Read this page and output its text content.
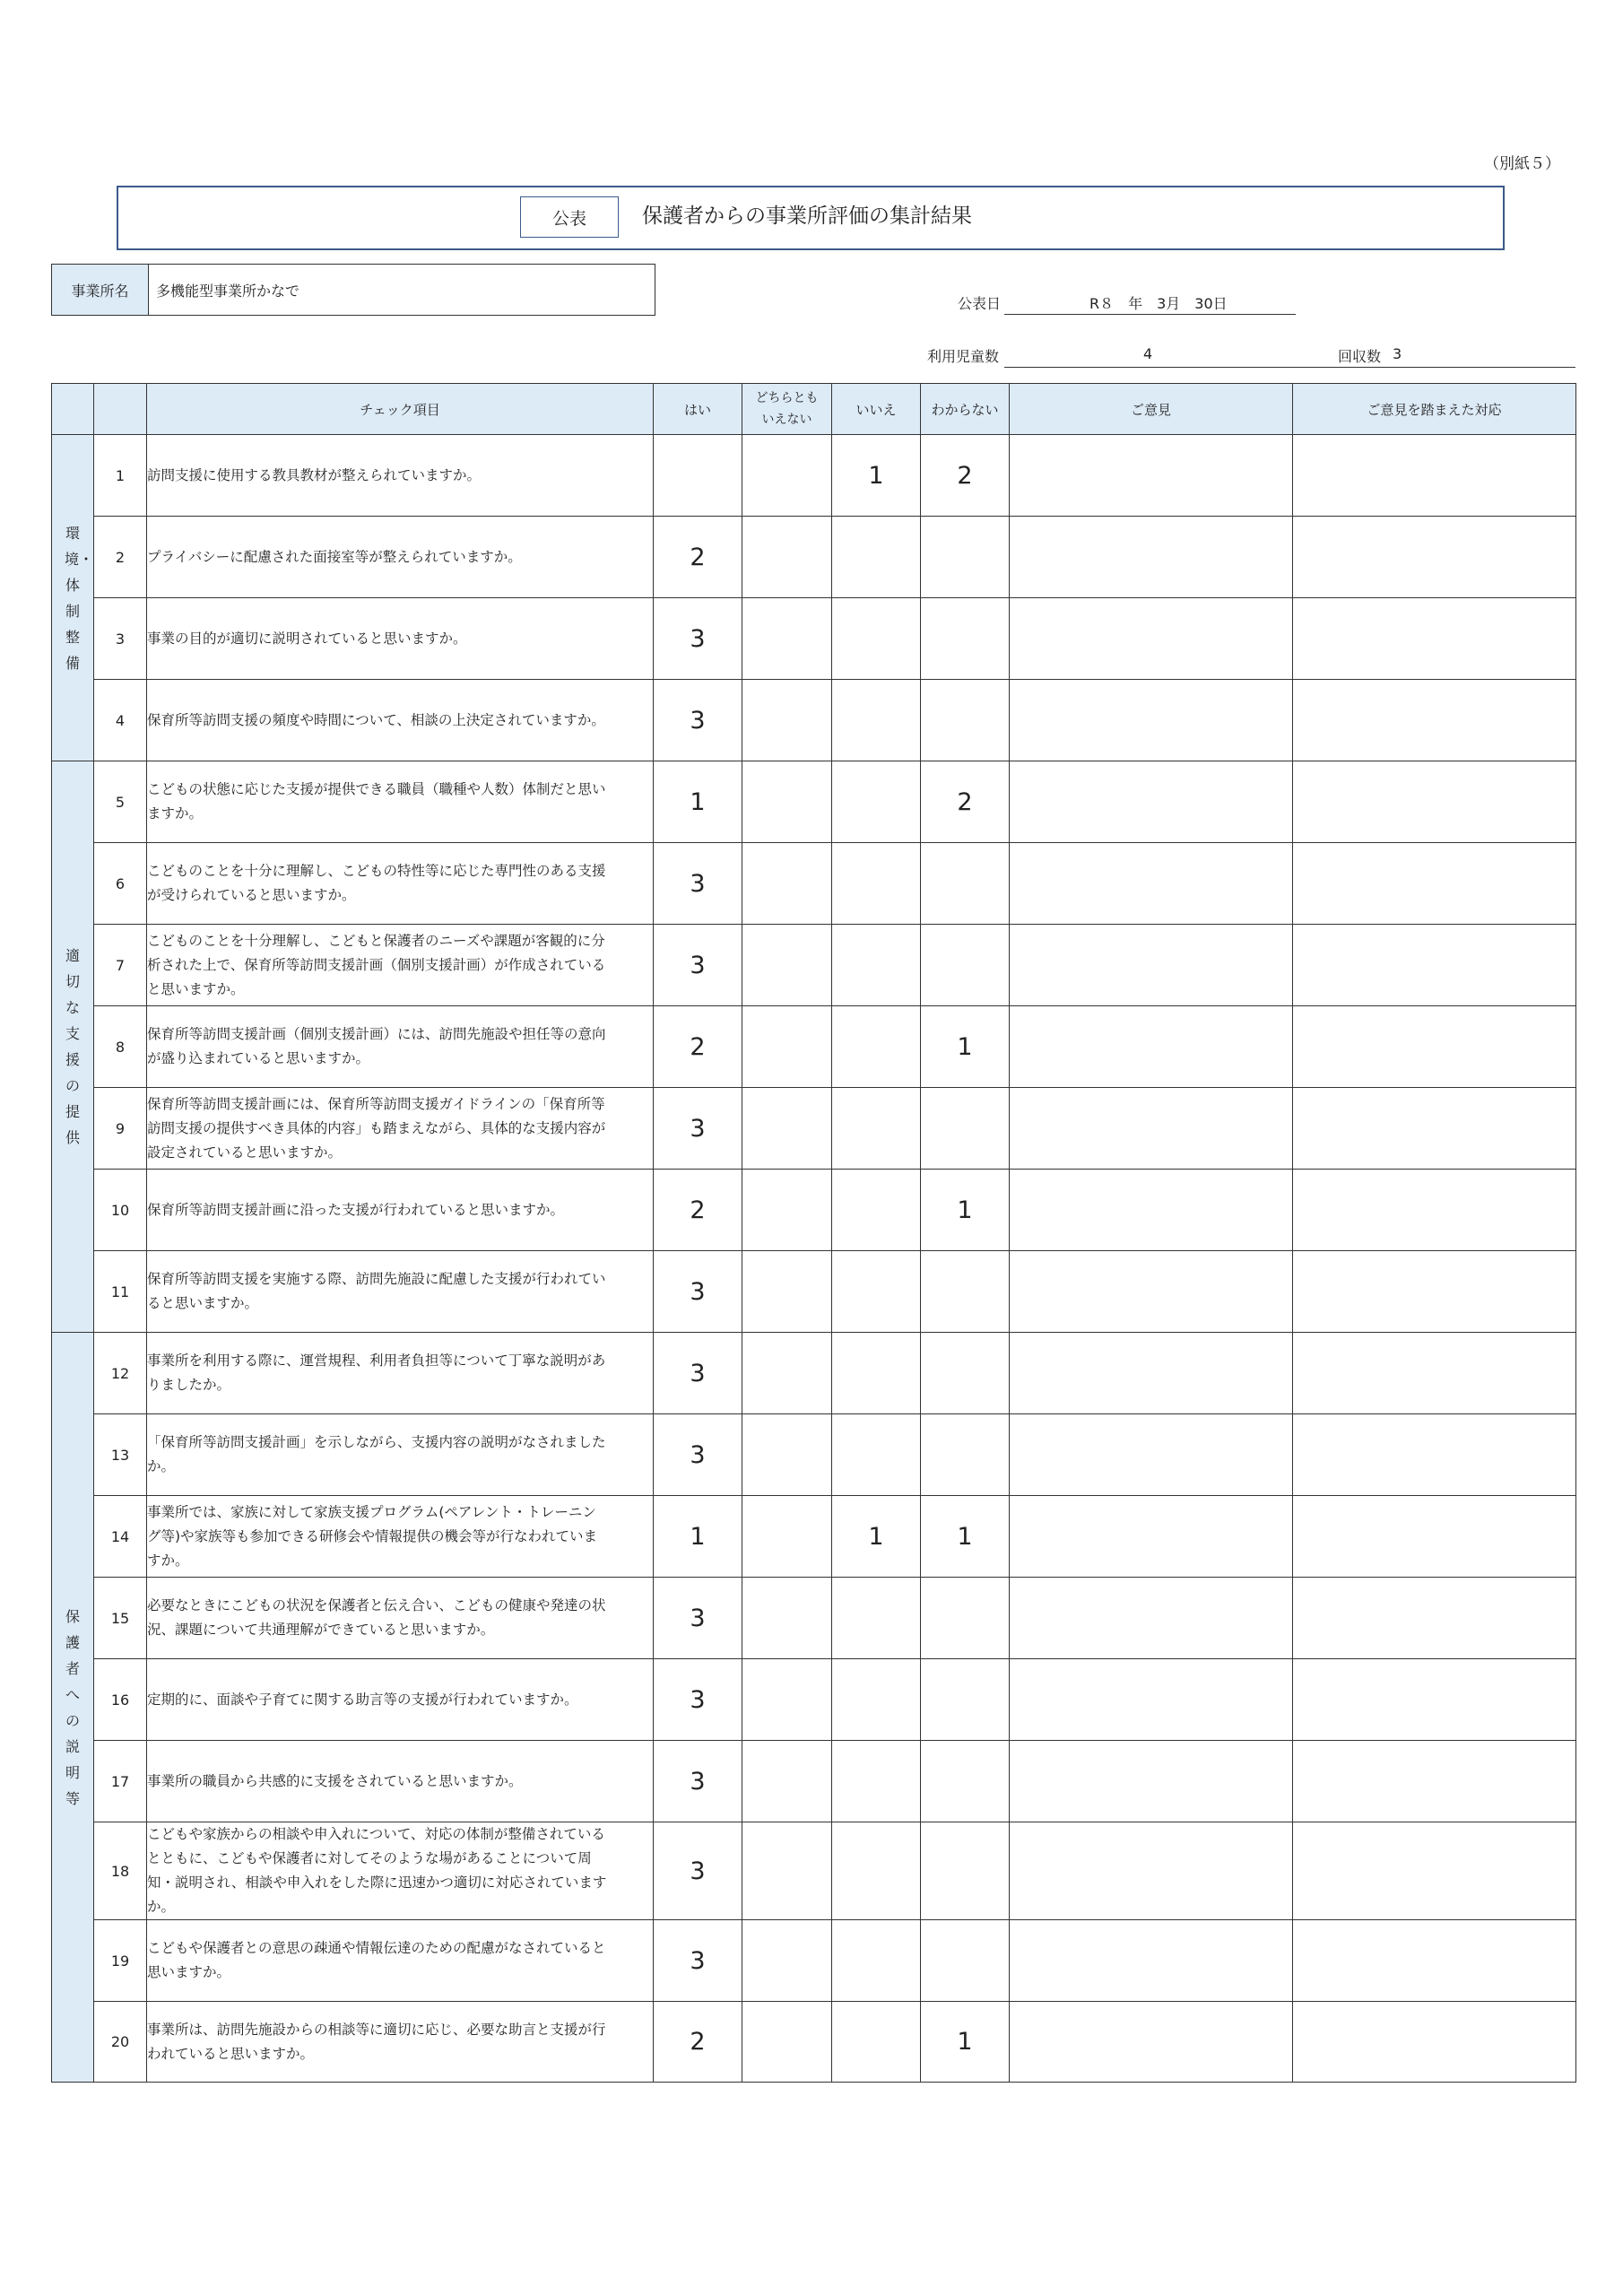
（別紙５）
公表	保護者からの事業所評価の集計結果
事業所名	多機能型事業所かなで
公表日	R８　年　3月　30日
利用児童数	4	回収数 3
		チェック項目	はい	どちらとも
いえない	いいえ	わからない	ご意見	ご意見を踏まえた対応
環境・体制整備	1	訪問支援に使用する教具教材が整えられていますか。			1	2		
	2	プライバシーに配慮された面接室等が整えられていますか。	2					
	3	事業の目的が適切に説明されていると思いますか。	3					
	4	保育所等訪問支援の頻度や時間について、相談の上決定されていますか。	3					
適切な支援の提供	5	こどもの状態に応じた支援が提供できる職員（職種や人数）体制だと思い
ますか。	1			2		
	6	こどものことを十分に理解し、こどもの特性等に応じた専門性のある支援
が受けられていると思いますか。	3					
	7	こどものことを十分理解し、こどもと保護者のニーズや課題が客観的に分
析された上で、保育所等訪問支援計画（個別支援計画）が作成されている
と思いますか。	3					
	8	保育所等訪問支援計画（個別支援計画）には、訪問先施設や担任等の意向
が盛り込まれていると思いますか。	2			1		
	9	保育所等訪問支援計画には、保育所等訪問支援ガイドラインの「保育所等
訪問支援の提供すべき具体的内容」も踏まえながら、具体的な支援内容が
設定されていると思いますか。	3					
	10	保育所等訪問支援計画に沿った支援が行われていると思いますか。	2			1		
	11	保育所等訪問支援を実施する際、訪問先施設に配慮した支援が行われてい
ると思いますか。	3					
保護者への説明等	12	事業所を利用する際に、運営規程、利用者負担等について丁寧な説明があ
りましたか。	3					
	13	「保育所等訪問支援計画」を示しながら、支援内容の説明がなされました
か。	3					
	14	事業所では、家族に対して家族支援プログラム(ペアレント・トレーニン
グ等)や家族等も参加できる研修会や情報提供の機会等が行なわれていま
すか。	1		1	1		
	15	必要なときにこどもの状況を保護者と伝え合い、こどもの健康や発達の状
況、課題について共通理解ができていると思いますか。	3					
	16	定期的に、面談や子育てに関する助言等の支援が行われていますか。	3					
	17	事業所の職員から共感的に支援をされていると思いますか。	3					
	18	こどもや家族からの相談や申入れについて、対応の体制が整備されている
とともに、こどもや保護者に対してそのような場があることについて周
知・説明され、相談や申入れをした際に迅速かつ適切に対応されています
か。	3					
	19	こどもや保護者との意思の疎通や情報伝達のための配慮がなされていると
思いますか。	3					
	20	事業所は、訪問先施設からの相談等に適切に応じ、必要な助言と支援が行
われていると思いますか。	2			1		
